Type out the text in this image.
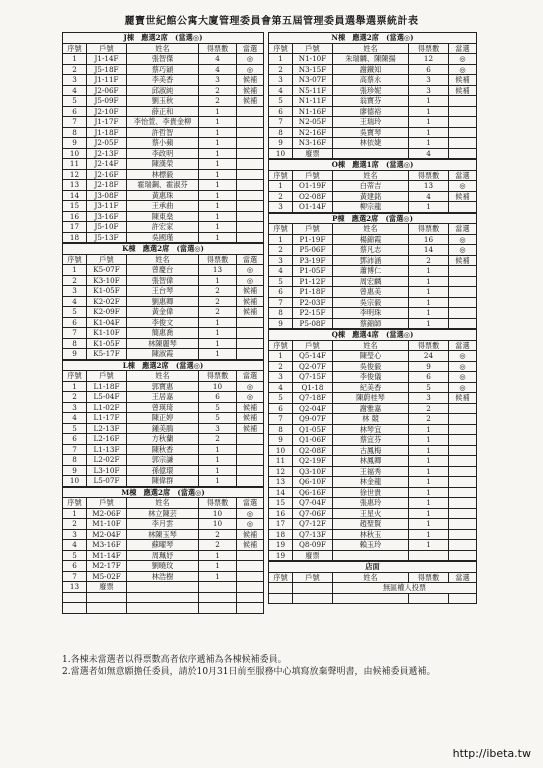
麗寶世紀館公寓大廈管理委員會第五屆管理委員選舉選票統計表
J棟　應選2席　(當選◎)				
序號	戶號	姓名	得票數	當選
1	J1-14F	張智傑	4	◎
2	J5-18F	蔡巧穎	4	◎
3	J1-11F	李美香	3	候補
4	J2-06F	邱淑純	2	候補
5	J5-09F	劉玉秋	2	候補
6	J2-10F	薛正和	1	
7	J1-17F	李怡萱、李貴金柳	1	
8	J1-18F	許哲智	1	
9	J2-05F	蔡小蘋	1	
10	J2-13F	李政明	1	
11	J2-14F	陳漢榮	1	
12	J2-16F	林標毅	1	
13	J2-18F	霍瑞鋼、霍淑芬	1	
14	J3-08F	黃惠珠	1	
15	J3-11F	王承曲	1	
16	J3-16F	陳東燊	1	
17	J5-10F	許宏家	1	
18	J5-13F	吳國瑾	1	
K棟　應選2席　(當選◎)				
序號	戶號	姓名	得票數	當選
1	K5-07F	曾慶台	13	◎
2	K3-10F	張智偉	1	◎
3	K1-05F	王台琴	2	候補
4	K2-02F	劉惠卿	2	候補
5	K2-09F	黃金偉	2	候補
6	K1-04F	李俊文	1	
7	K1-10F	簡惠喬	1	
8	K1-05F	林陳麗琴	1	
9	K5-17F	陳淑霞	1	
L棟　應選2席　(當選◎)				
序號	戶號	姓名	得票數	當選
1	L1-18F	郭寶惠	10	◎
2	L5-04F	王居嘉	6	◎
3	L1-02F	曾瑛琦	5	候補
4	L1-17F	陳正婷	5	候補
5	L2-13F	鍾美鵑	3	候補
6	L2-16F	方秋蘭	2	
7	L1-13F	陳秋香	1	
8	L2-02F	郭宗謙	1	
9	L3-10F	孫億環	1	
10	L5-07F	陳偉群	1	
M棟　應選2席　(當選◎)				
序號	戶號	姓名	得票數	當選
1	M2-06F	林立陳芸	10	◎
2	M1-10F	李月雲	10	◎
3	M2-04F	林陳玉琴	2	候補
4	M3-16F	蘇曜琴	2	候補
5	M1-14F	周珮妤	1	
6	M2-17F	劉曉玟	1	
7	M5-02F	林浩樹	1	
13	廢票			

N棟　應選2席　(當選◎)				
序號	戶號	姓名	得票數	當選
1	N1-10F	朱瑞麟、陳陳揚	12	◎
2	N3-15F	謝鐵知	6	◎
3	N3-07F	高蔡永	3	候補
4	N5-11F	張珍妮	3	候補
5	N1-11F	翁寶芬	1	
6	N1-16F	廖德裕	1	
7	N2-05F	王瑞玲	1	
8	N2-16F	吳寶琴	1	
9	N3-16F	林依婕	1	
10	廢票		4	
O棟　應選1席　(當選◎)				
序號	戶號	姓名	得票數	當選
1	O1-19F	白蒂吉	13	◎
2	O2-08F	黃建銘	4	候補
3	O1-14F	柳宗龍	1	
P棟　應選2席　(當選◎)				
序號	戶號	姓名	得票數	當選
1	P1-19F	楊錦霞	16	◎
2	P5-06F	蔡凡志	14	◎
3	P3-19F	鄧沛涵	2	候補
4	P1-05F	蕭博仁	1	
5	P1-12F	周宏麟	1	
6	P1-18F	曾惠美	1	
7	P2-03F	吳宗毅	1	
8	P2-15F	李明珠	1	
9	P5-08F	蔡錦師	1	
Q棟　應選4席　(當選◎)				
序號	戶號	姓名	得票數	當選
1	Q5-14F	陳瑩心	24	◎
2	Q2-07F	吳俊毅	9	◎
3	Q7-15F	李俊儀	6	◎
4	Q1-18	紀美香	5	◎
5	Q7-18F	陳蔚桂琴	3	候補
6	Q2-04F	謝雅嘉	2	
7	Q9-07F	林 競	2	
8	Q1-05F	林琴宜	1	
9	Q1-06F	蔡宜芬	1	
10	Q2-08F	古鳳梅	1	
11	Q2-19F	林鳳卿	1	
12	Q3-10F	王福秀	1	
13	Q6-10F	林金龍	1	
14	Q6-16F	徐世貴	1	
15	Q7-04F	張惠玲	1	
16	Q7-06F	王星火	1	
17	Q7-12F	趙聖賢	1	
18	Q7-13F	林秋玉	1	
19	Q8-09F	賴玉玲	1	
19	廢票			
店面				
序號	戶號	姓名	得票數	當選
		無區權人投票		

1.各棟未當選者以得票數高者依序遞補為各棟候補委員。
2.當選者如無意願擔任委員，請於10月31日前至服務中心填寫放棄聲明書，由候補委員遞補。
http://ibeta.tw
